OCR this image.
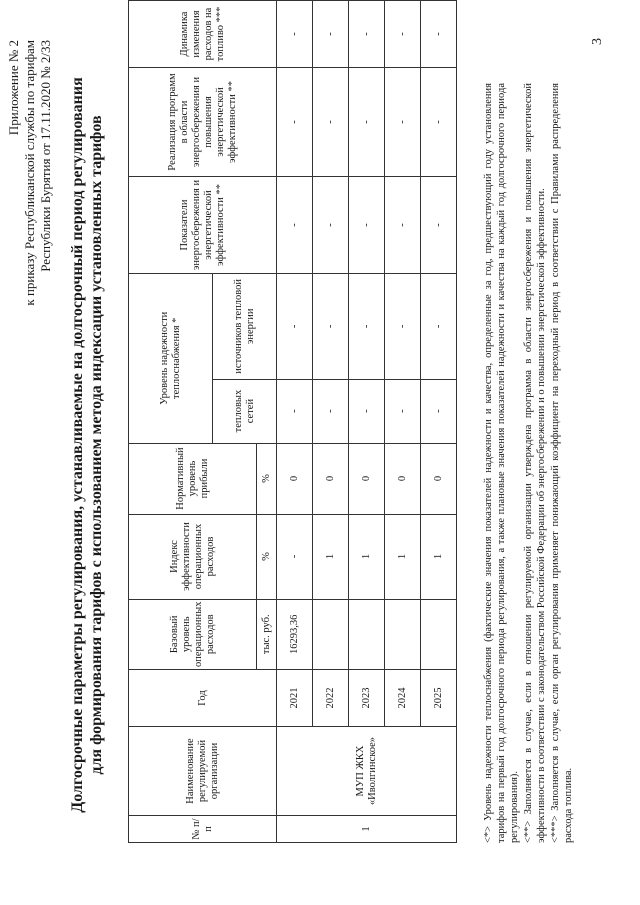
Приложение № 2 к приказу Республиканской службы по тарифам Республики Бурятия от 17.11.2020 № 2/33 Долгосрочные параметры регулирования, устанавливаемые на долгосрочный период регулирования для формирования тарифов с использованием метода индексации установленных тарифов
№ п/п	Наименование регулируемой организации	Год	Базовый уровень операционных расходов	Индекс эффективности операционных расходов	Нормативный уровень прибыли	Уровень надежности теплоснабжения *		Показатели энергосбережения и энергетической эффективности **	Реализация программ в области энергосбережения и повышения энергетической эффективности **	Динамика изменения расходов на топливо ***
						тепловых сетей	источников тепловой энергии			
			тыс. руб.	%	%					
1	МУП ЖКХ «Иволгинское»	2021	16293,36	-	0	-	-	-	-	-
		2022		1	0	-	-	-	-	-
		2023		1	0	-	-	-	-	-
		2024		1	0	-	-	-	-	-
		2025		1	0	-	-	-	-	-

<*> Уровень надежности теплоснабжения (фактические значения показателей надежности и качества, определенные за год, предшествующий году установления тарифов на первый год долгосрочного периода регулирования, а также плановые значения показателей надежности и качества на каждый год долгосрочного периода регулирования). <**> Заполняется в случае, если в отношении регулируемой организации утверждена программа в области энергосбережения и повышения энергетической эффективности в соответствии с законодательством Российской Федерации об энергосбережении и о повышении энергетической эффективности. <***> Заполняется в случае, если орган регулирования применяет понижающий коэффициент на переходный период в соответствии с Правилами распределения расхода топлива.

3
